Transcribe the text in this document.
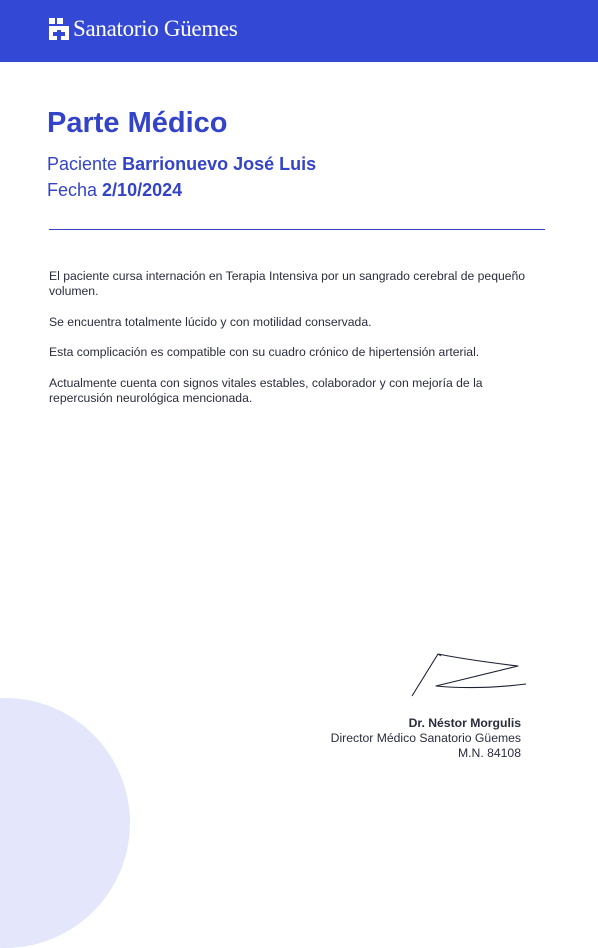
Sanatorio Güemes
Parte Médico
Paciente Barrionuevo José Luis
Fecha 2/10/2024

El paciente cursa internación en Terapia Intensiva por un sangrado cerebral de pequeño volumen.

Se encuentra totalmente lúcido y con motilidad conservada.

Esta complicación es compatible con su cuadro crónico de hipertensión arterial.

Actualmente cuenta con signos vitales estables, colaborador y con mejoría de la repercusión neurológica mencionada.

Dr. Néstor Morgulis
Director Médico Sanatorio Güemes
M.N. 84108
